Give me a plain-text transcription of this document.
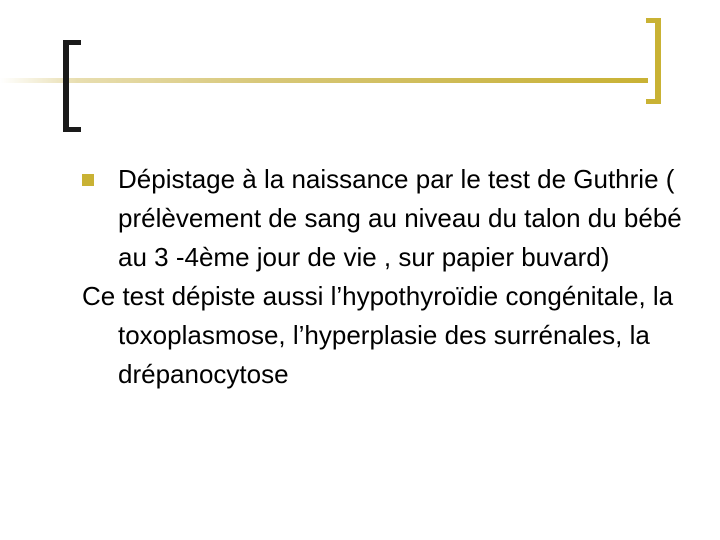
Dépistage à la naissance par le test de Guthrie ( prélèvement de sang au niveau du talon du bébé au 3 -4ème jour de vie , sur papier buvard)

Ce test dépiste aussi l’hypothyroïdie congénitale, la toxoplasmose, l’hyperplasie des surrénales, la drépanocytose
